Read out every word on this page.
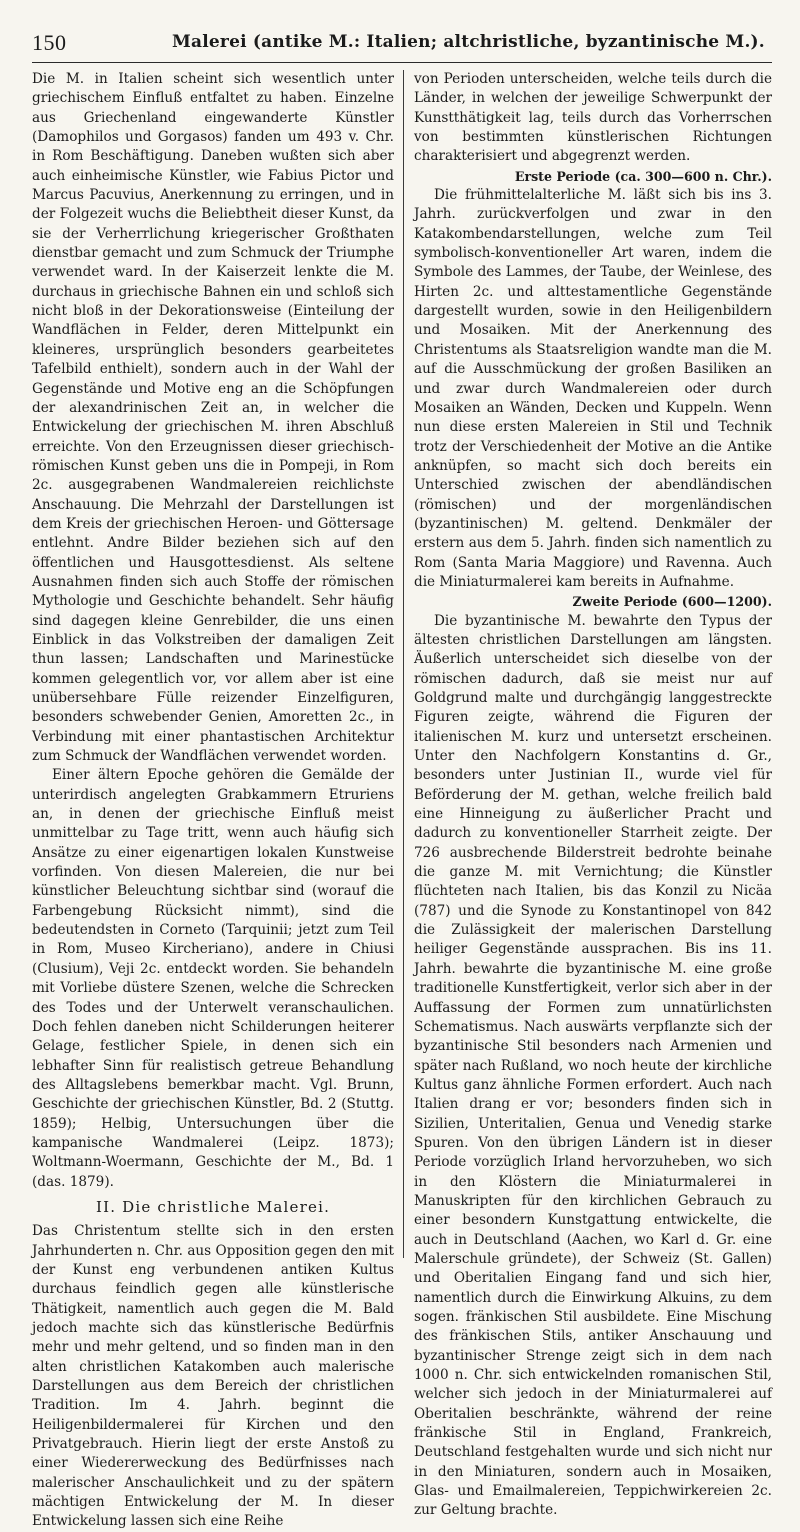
150	Malerei (antike M.: Italien; altchristliche, byzantinische M.).

Die M. in Italien scheint sich wesentlich unter griechischem Einfluß entfaltet zu haben. Einzelne aus Griechenland eingewanderte Künstler (Damophilos und Gorgasos) fanden um 493 v. Chr. in Rom Beschäftigung. Daneben wußten sich aber auch einheimische Künstler, wie Fabius Pictor und Marcus Pacuvius, Anerkennung zu erringen, und in der Folgezeit wuchs die Beliebtheit dieser Kunst, da sie der Verherrlichung kriegerischer Großthaten dienstbar gemacht und zum Schmuck der Triumphe verwendet ward. In der Kaiserzeit lenkte die M. durchaus in griechische Bahnen ein und schloß sich nicht bloß in der Dekorationsweise (Einteilung der Wandflächen in Felder, deren Mittelpunkt ein kleineres, ursprünglich besonders gearbeitetes Tafelbild enthielt), sondern auch in der Wahl der Gegenstände und Motive eng an die Schöpfungen der alexandrinischen Zeit an, in welcher die Entwickelung der griechischen M. ihren Abschluß erreichte. Von den Erzeugnissen dieser griechisch-römischen Kunst geben uns die in Pompeji, in Rom 2c. ausgegrabenen Wandmalereien reichlichste Anschauung. Die Mehrzahl der Darstellungen ist dem Kreis der griechischen Heroen- und Göttersage entlehnt. Andre Bilder beziehen sich auf den öffentlichen und Hausgottesdienst. Als seltene Ausnahmen finden sich auch Stoffe der römischen Mythologie und Geschichte behandelt. Sehr häufig sind dagegen kleine Genrebilder, die uns einen Einblick in das Volkstreiben der damaligen Zeit thun lassen; Landschaften und Marinestücke kommen gelegentlich vor, vor allem aber ist eine unübersehbare Fülle reizender Einzelfiguren, besonders schwebender Genien, Amoretten 2c., in Verbindung mit einer phantastischen Architektur zum Schmuck der Wandflächen verwendet worden.

Einer ältern Epoche gehören die Gemälde der unterirdisch angelegten Grabkammern Etruriens an, in denen der griechische Einfluß meist unmittelbar zu Tage tritt, wenn auch häufig sich Ansätze zu einer eigenartigen lokalen Kunstweise vorfinden. Von diesen Malereien, die nur bei künstlicher Beleuchtung sichtbar sind (worauf die Farbengebung Rücksicht nimmt), sind die bedeutendsten in Corneto (Tarquinii; jetzt zum Teil in Rom, Museo Kircheriano), andere in Chiusi (Clusium), Veji 2c. entdeckt worden. Sie behandeln mit Vorliebe düstere Szenen, welche die Schrecken des Todes und der Unterwelt veranschaulichen. Doch fehlen daneben nicht Schilderungen heiterer Gelage, festlicher Spiele, in denen sich ein lebhafter Sinn für realistisch getreue Behandlung des Alltagslebens bemerkbar macht. Vgl. Brunn, Geschichte der griechischen Künstler, Bd. 2 (Stuttg. 1859); Helbig, Untersuchungen über die kampanische Wandmalerei (Leipz. 1873); Woltmann-Woermann, Geschichte der M., Bd. 1 (das. 1879).

II. Die christliche Malerei.

Das Christentum stellte sich in den ersten Jahrhunderten n. Chr. aus Opposition gegen den mit der Kunst eng verbundenen antiken Kultus durchaus feindlich gegen alle künstlerische Thätigkeit, namentlich auch gegen die M. Bald jedoch machte sich das künstlerische Bedürfnis mehr und mehr geltend, und so finden man in den alten christlichen Katakomben auch malerische Darstellungen aus dem Bereich der christlichen Tradition. Im 4. Jahrh. beginnt die Heiligenbildermalerei für Kirchen und den Privatgebrauch. Hierin liegt der erste Anstoß zu einer Wiedererweckung des Bedürfnisses nach malerischer Anschaulichkeit und zu der spätern mächtigen Entwickelung der M. In dieser Entwickelung lassen sich eine Reihe

von Perioden unterscheiden, welche teils durch die Länder, in welchen der jeweilige Schwerpunkt der Kunstthätigkeit lag, teils durch das Vorherrschen von bestimmten künstlerischen Richtungen charakterisiert und abgegrenzt werden.

Erste Periode (ca. 300—600 n. Chr.).

Die frühmittelalterliche M. läßt sich bis ins 3. Jahrh. zurückverfolgen und zwar in den Katakombendarstellungen, welche zum Teil symbolisch-konventioneller Art waren, indem die Symbole des Lammes, der Taube, der Weinlese, des Hirten 2c. und alttestamentliche Gegenstände dargestellt wurden, sowie in den Heiligenbildern und Mosaiken. Mit der Anerkennung des Christentums als Staatsreligion wandte man die M. auf die Ausschmückung der großen Basiliken an und zwar durch Wandmalereien oder durch Mosaiken an Wänden, Decken und Kuppeln. Wenn nun diese ersten Malereien in Stil und Technik trotz der Verschiedenheit der Motive an die Antike anknüpfen, so macht sich doch bereits ein Unterschied zwischen der abendländischen (römischen) und der morgenländischen (byzantinischen) M. geltend. Denkmäler der erstern aus dem 5. Jahrh. finden sich namentlich zu Rom (Santa Maria Maggiore) und Ravenna. Auch die Miniaturmalerei kam bereits in Aufnahme.

Zweite Periode (600—1200).

Die byzantinische M. bewahrte den Typus der ältesten christlichen Darstellungen am längsten. Äußerlich unterscheidet sich dieselbe von der römischen dadurch, daß sie meist nur auf Goldgrund malte und durchgängig langgestreckte Figuren zeigte, während die Figuren der italienischen M. kurz und untersetzt erscheinen. Unter den Nachfolgern Konstantins d. Gr., besonders unter Justinian II., wurde viel für Beförderung der M. gethan, welche freilich bald eine Hinneigung zu äußerlicher Pracht und dadurch zu konventioneller Starrheit zeigte. Der 726 ausbrechende Bilderstreit bedrohte beinahe die ganze M. mit Vernichtung; die Künstler flüchteten nach Italien, bis das Konzil zu Nicäa (787) und die Synode zu Konstantinopel von 842 die Zulässigkeit der malerischen Darstellung heiliger Gegenstände aussprachen. Bis ins 11. Jahrh. bewahrte die byzantinische M. eine große traditionelle Kunstfertigkeit, verlor sich aber in der Auffassung der Formen zum unnatürlichsten Schematismus. Nach auswärts verpflanzte sich der byzantinische Stil besonders nach Armenien und später nach Rußland, wo noch heute der kirchliche Kultus ganz ähnliche Formen erfordert. Auch nach Italien drang er vor; besonders finden sich in Sizilien, Unteritalien, Genua und Venedig starke Spuren. Von den übrigen Ländern ist in dieser Periode vorzüglich Irland hervorzuheben, wo sich in den Klöstern die Miniaturmalerei in Manuskripten für den kirchlichen Gebrauch zu einer besondern Kunstgattung entwickelte, die auch in Deutschland (Aachen, wo Karl d. Gr. eine Malerschule gründete), der Schweiz (St. Gallen) und Oberitalien Eingang fand und sich hier, namentlich durch die Einwirkung Alkuins, zu dem sogen. fränkischen Stil ausbildete. Eine Mischung des fränkischen Stils, antiker Anschauung und byzantinischer Strenge zeigt sich in dem nach 1000 n. Chr. sich entwickelnden romanischen Stil, welcher sich jedoch in der Miniaturmalerei auf Oberitalien beschränkte, während der reine fränkische Stil in England, Frankreich, Deutschland festgehalten wurde und sich nicht nur in den Miniaturen, sondern auch in Mosaiken, Glas- und Emailmalereien, Teppichwirkereien 2c. zur Geltung brachte.
